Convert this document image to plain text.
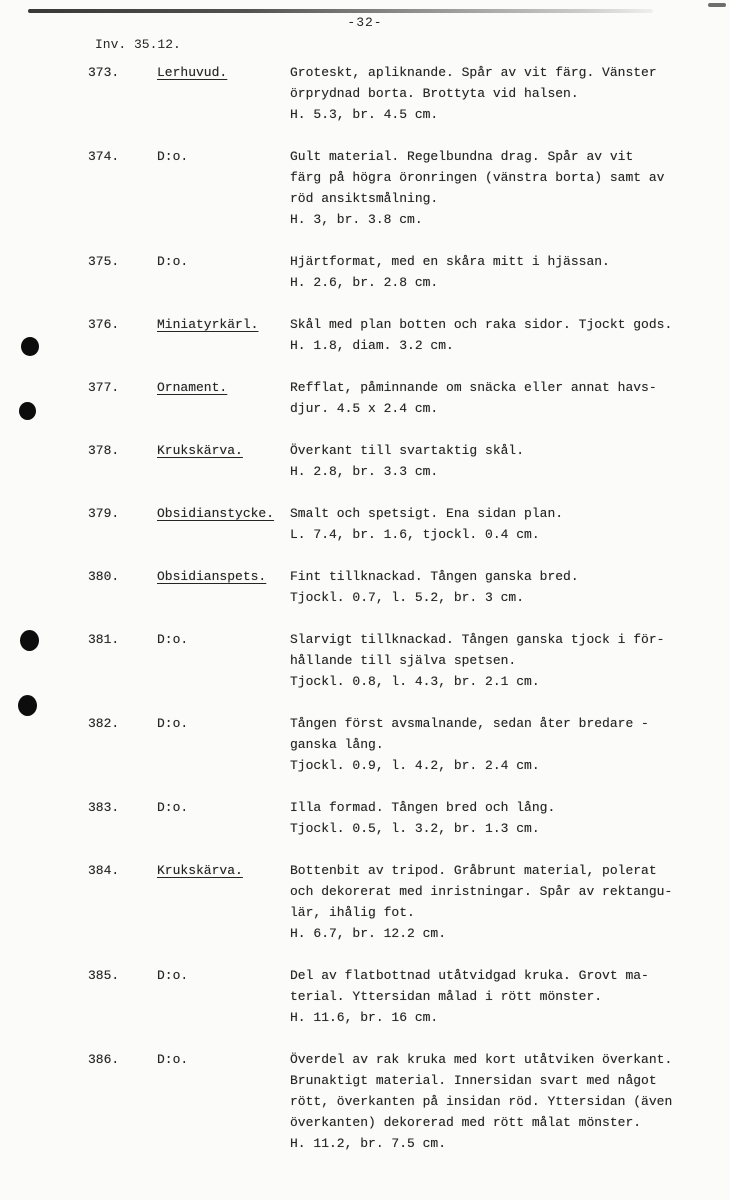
-32-
Inv. 35.12.
373.	Lerhuvud.	Groteskt, apliknande. Spår av vit färg. Vänster
örprydnad borta. Brottyta vid halsen.
H. 5.3, br. 4.5 cm.
374.	D:o.	Gult material. Regelbundna drag. Spår av vit
färg på högra öronringen (vänstra borta) samt av
röd ansiktsmålning.
H. 3, br. 3.8 cm.
375.	D:o.	Hjärtformat, med en skåra mitt i hjässan.
H. 2.6, br. 2.8 cm.
376.	Miniatyrkärl.	Skål med plan botten och raka sidor. Tjockt gods.
H. 1.8, diam. 3.2 cm.
377.	Ornament.	Refflat, påminnande om snäcka eller annat havs-
djur. 4.5 x 2.4 cm.
378.	Krukskärva.	Överkant till svartaktig skål.
H. 2.8, br. 3.3 cm.
379.	Obsidianstycke.	Smalt och spetsigt. Ena sidan plan.
L. 7.4, br. 1.6, tjockl. 0.4 cm.
380.	Obsidianspets.	Fint tillknackad. Tången ganska bred.
Tjockl. 0.7, l. 5.2, br. 3 cm.
381.	D:o.	Slarvigt tillknackad. Tången ganska tjock i för-
hållande till själva spetsen.
Tjockl. 0.8, l. 4.3, br. 2.1 cm.
382.	D:o.	Tången först avsmalnande, sedan åter bredare -
ganska lång.
Tjockl. 0.9, l. 4.2, br. 2.4 cm.
383.	D:o.	Illa formad. Tången bred och lång.
Tjockl. 0.5, l. 3.2, br. 1.3 cm.
384.	Krukskärva.	Bottenbit av tripod. Gråbrunt material, polerat
och dekorerat med inristningar. Spår av rektangu-
lär, ihålig fot.
H. 6.7, br. 12.2 cm.
385.	D:o.	Del av flatbottnad utåtvidgad kruka. Grovt ma-
terial. Yttersidan målad i rött mönster.
H. 11.6, br. 16 cm.
386.	D:o.	Överdel av rak kruka med kort utåtviken överkant.
Brunaktigt material. Innersidan svart med något
rött, överkanten på insidan röd. Yttersidan (även
överkanten) dekorerad med rött målat mönster.
H. 11.2, br. 7.5 cm.
